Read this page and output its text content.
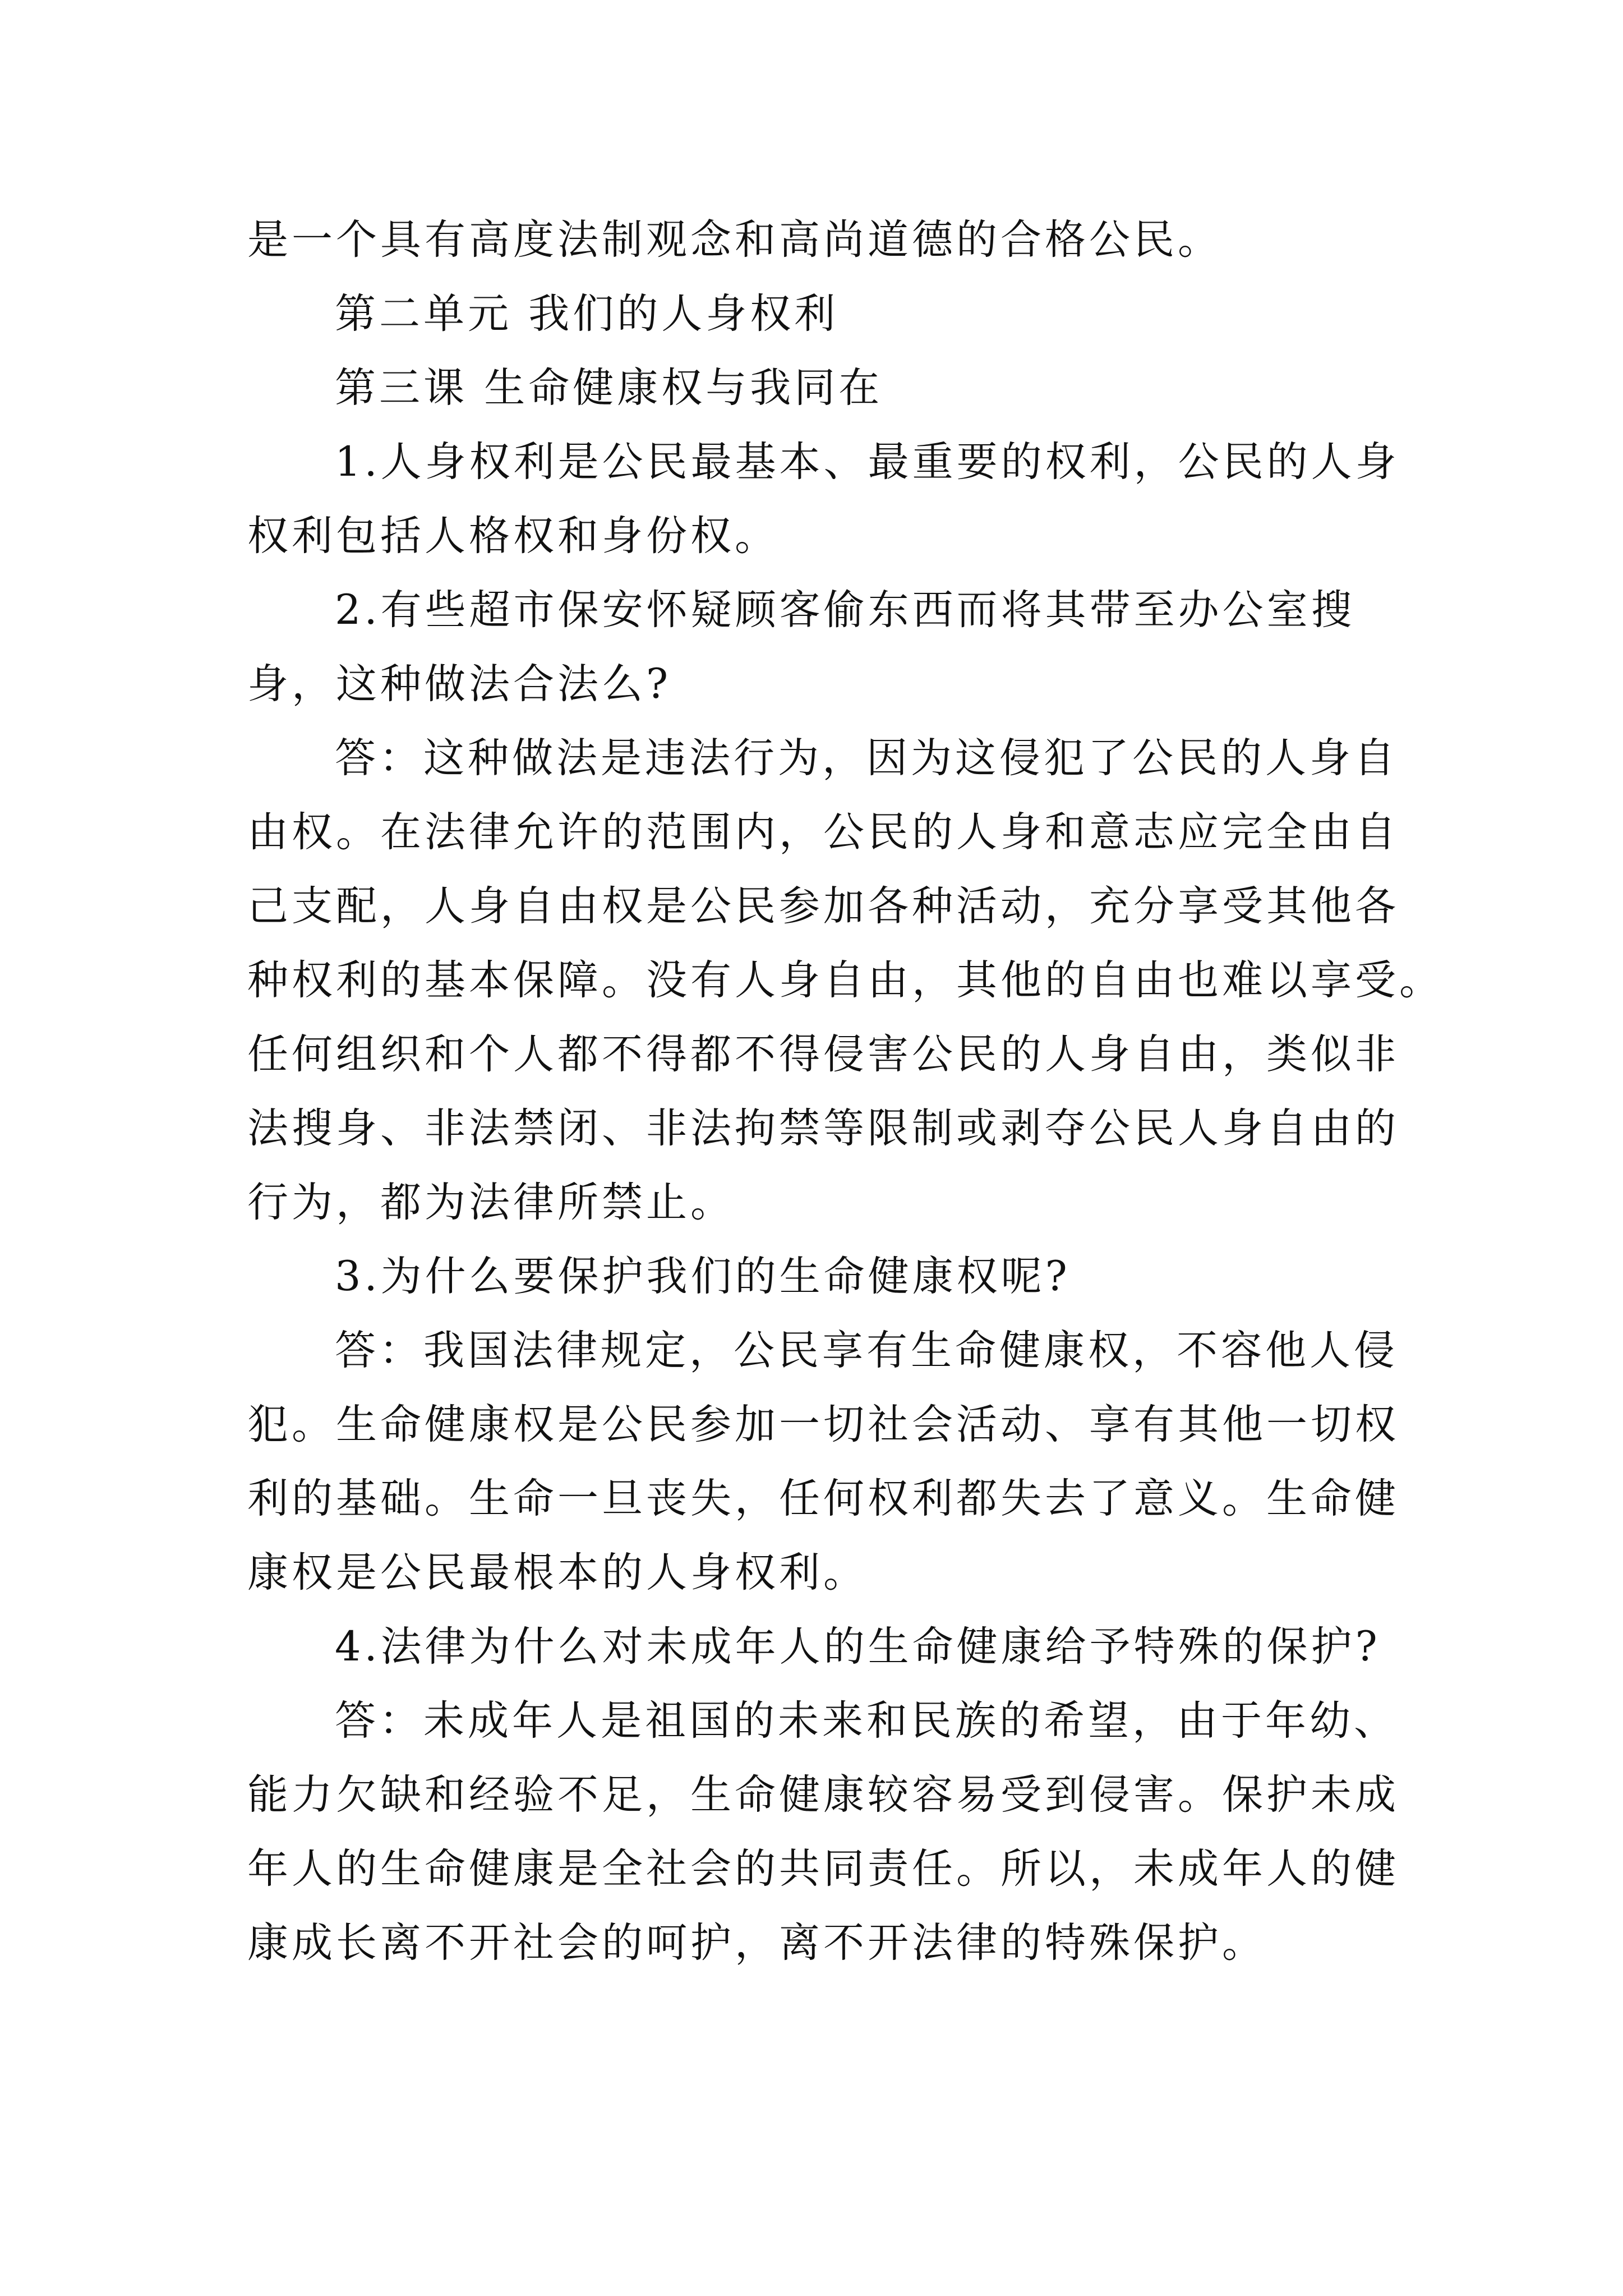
是一个具有高度法制观念和高尚道德的合格公民。
第二单元 我们的人身权利
第三课 生命健康权与我同在
1.人身权利是公民最基本、最重要的权利，公民的人身
权利包括人格权和身份权。
2.有些超市保安怀疑顾客偷东西而将其带至办公室搜
身，这种做法合法么?
答：这种做法是违法行为，因为这侵犯了公民的人身自
由权。在法律允许的范围内，公民的人身和意志应完全由自
己支配，人身自由权是公民参加各种活动，充分享受其他各
种权利的基本保障。没有人身自由，其他的自由也难以享受。
任何组织和个人都不得都不得侵害公民的人身自由，类似非
法搜身、非法禁闭、非法拘禁等限制或剥夺公民人身自由的
行为，都为法律所禁止。
3.为什么要保护我们的生命健康权呢?
答：我国法律规定，公民享有生命健康权，不容他人侵
犯。生命健康权是公民参加一切社会活动、享有其他一切权
利的基础。生命一旦丧失，任何权利都失去了意义。生命健
康权是公民最根本的人身权利。
4.法律为什么对未成年人的生命健康给予特殊的保护?
答：未成年人是祖国的未来和民族的希望，由于年幼、
能力欠缺和经验不足，生命健康较容易受到侵害。保护未成
年人的生命健康是全社会的共同责任。所以，未成年人的健
康成长离不开社会的呵护，离不开法律的特殊保护。
